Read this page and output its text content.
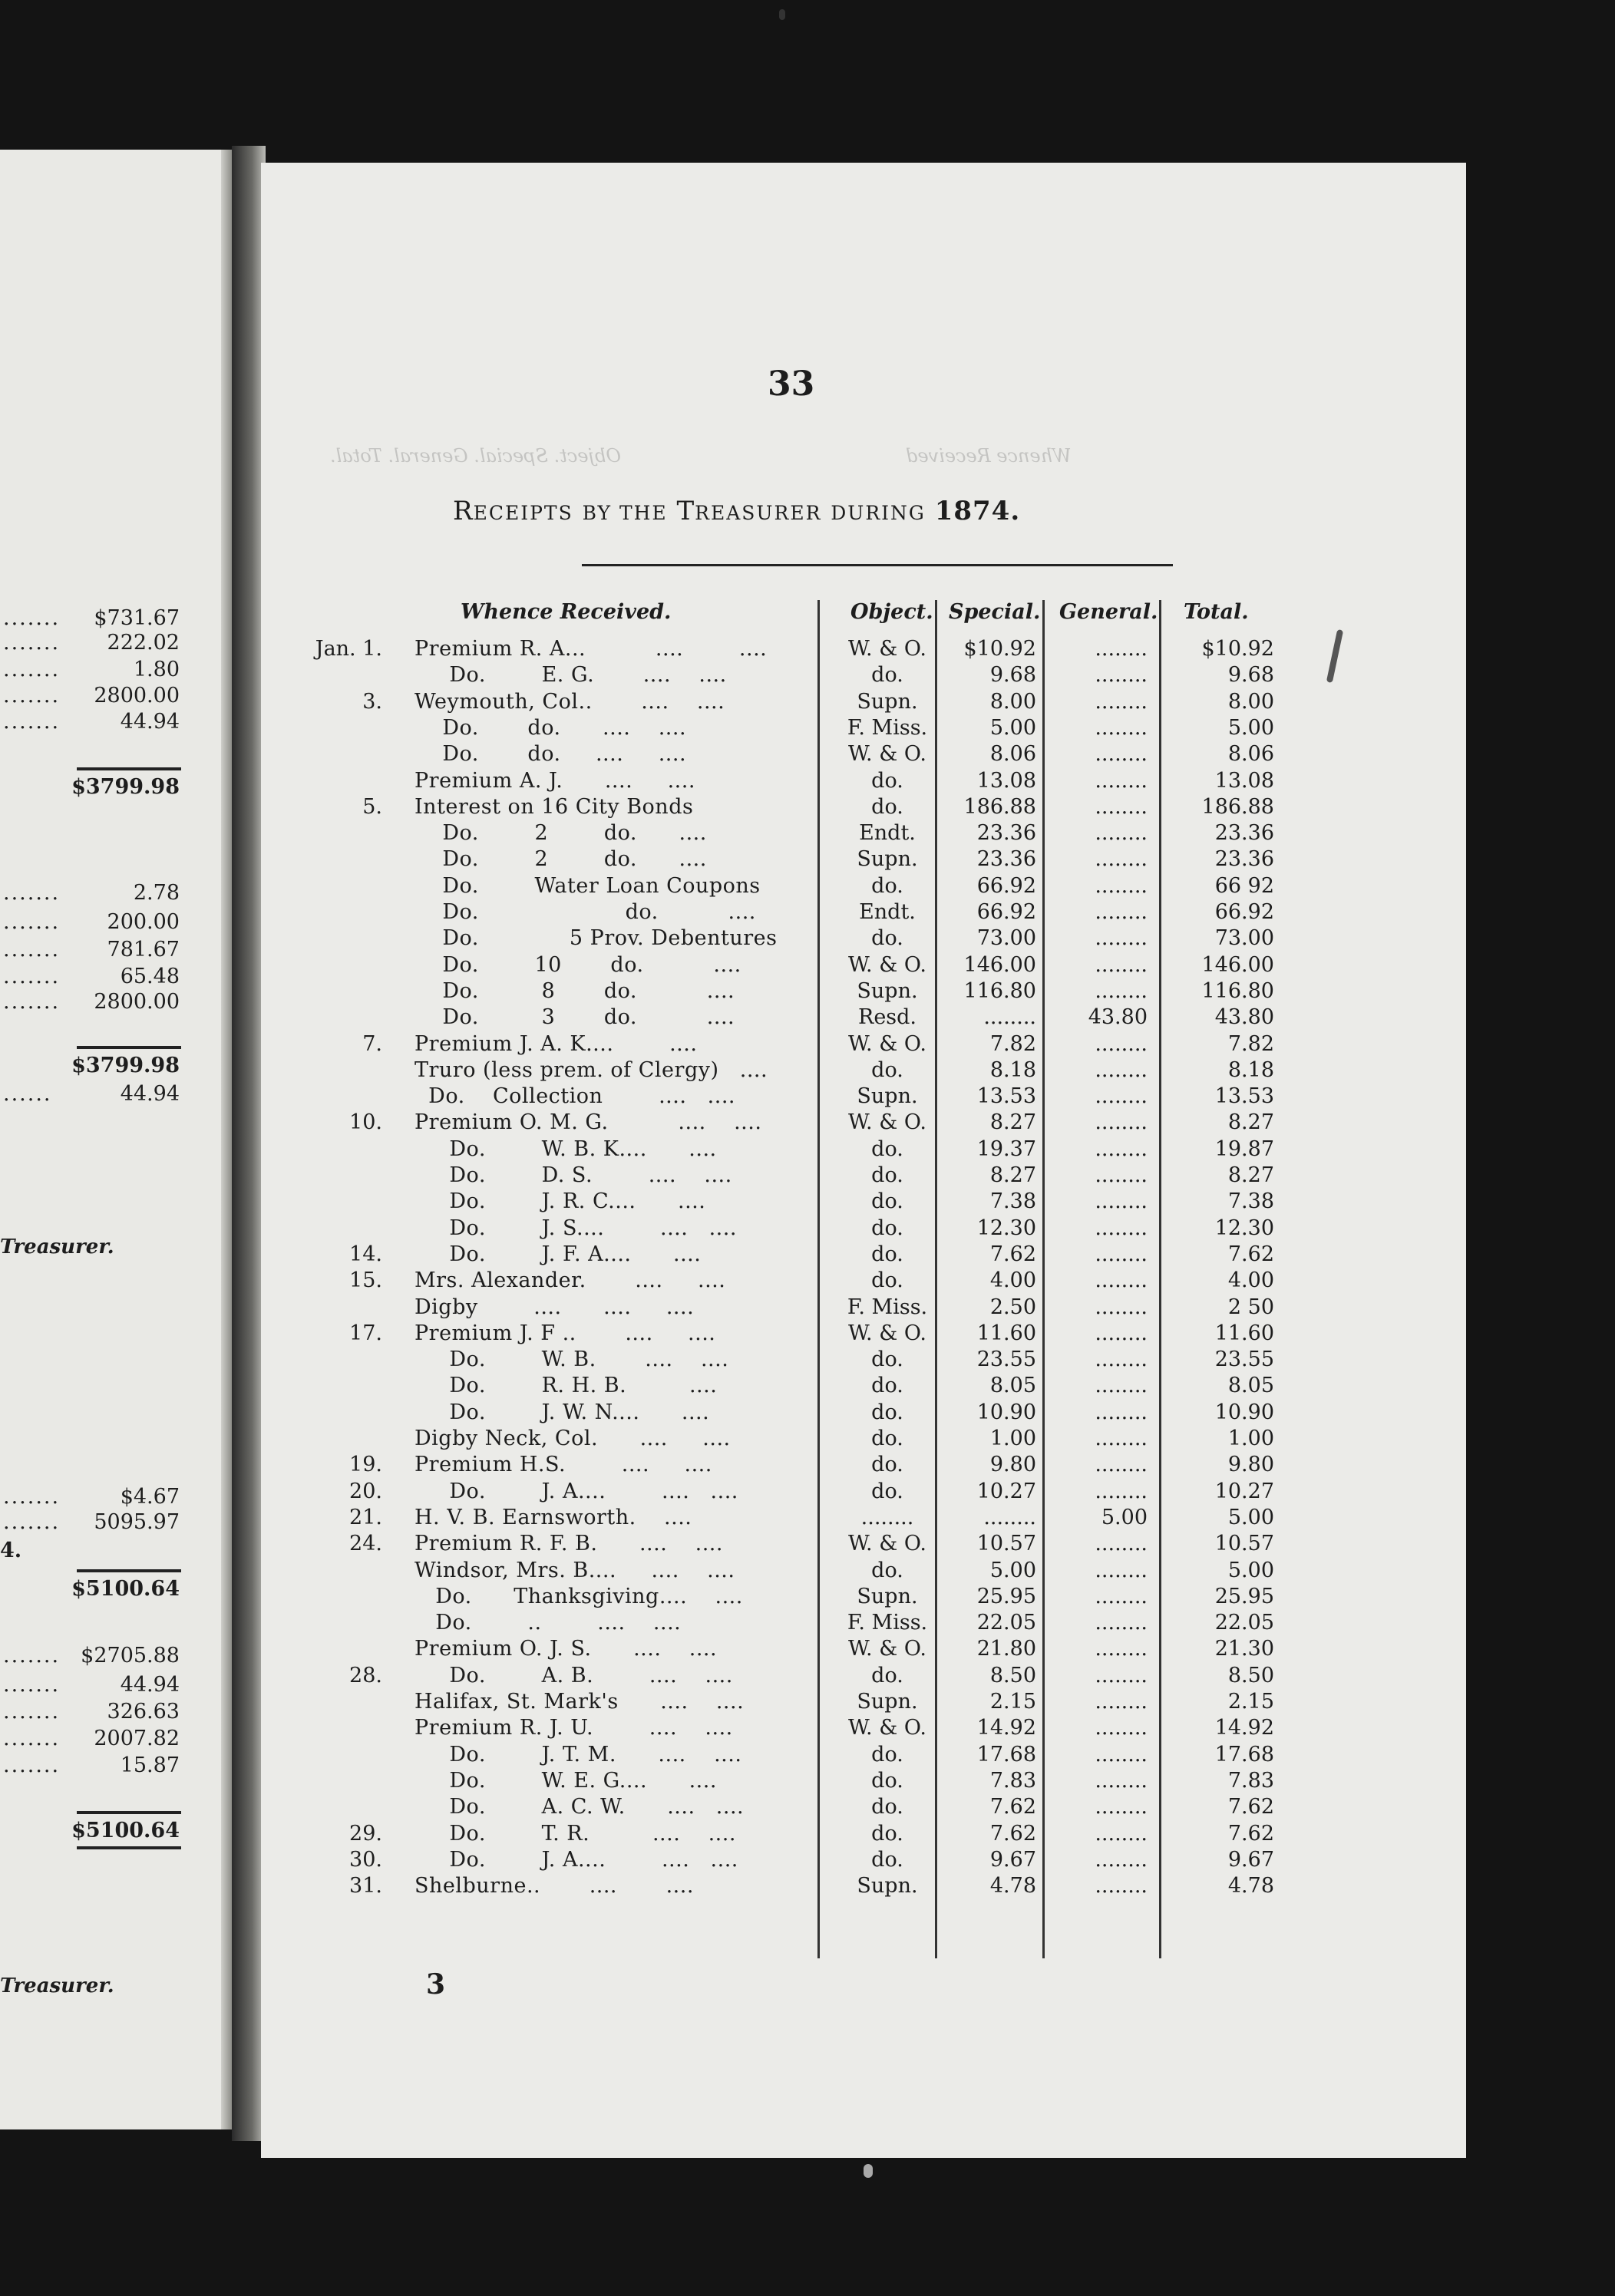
....... $731.67
....... 222.02
.......	1.80
....... 2800.00
.......	44.94
$3799.98
.......	2.78
....... 200.00
....... 781.67
.......	65.48
....... 2800.00
$3799.98
......	44.94
.......	$4.67
....... 5095.97
$5100.64
....... $2705.88
.......	44.94
....... 326.63
....... 2007.82
.......	15.87
$5100.64
Treasurer.
4.
Treasurer.
Whence Received
Object. Special. General. Total.
33
RECEIPTS BY THE TREASURER DURING 1874.
Whence Received.	Object. Special. General. Total.
Jan. 1. Premium R. A...          ....        ....	W. & O.	$10.92	........	$10.92
Do.        E. G.       ....    ....	do.	9.68	........	9.68
3. Weymouth, Col..       ....    ....	Supn.	8.00	........	8.00
Do.       do.      ....    ....	F. Miss.	5.00	........	5.00
Do.       do.     ....     ....	W. & O.	8.06	........	8.06
Premium A. J.      ....     ....	do.	13.08	........	13.08
5. Interest on 16 City Bonds	do.	186.88	........	186.88
Do.        2        do.      ....	Endt.	23.36	........	23.36
Do.        2        do.      ....	Supn.	23.36	........	23.36
Do.        Water Loan Coupons	do.	66.92	........	66 92
Do.                     do.          ....	Endt.	66.92	........	66.92
Do.             5 Prov. Debentures	do.	73.00	........	73.00
Do.        10       do.          ....	W. & O.	146.00	........	146.00
Do.         8       do.          ....	Supn.	116.80	........	116.80
Do.         3       do.          ....	Resd.	........	43.80	43.80
7. Premium J. A. K....        ....	W. & O.	7.82	........	7.82
Truro (less prem. of Clergy)   ....	do.	8.18	........	8.18
Do.    Collection        ....   ....	Supn.	13.53	........	13.53
10. Premium O. M. G.          ....    ....	W. & O.	8.27	........	8.27
Do.        W. B. K....      ....	do.	19.37	........	19.87
Do.        D. S.        ....    ....	do.	8.27	........	8.27
Do.        J. R. C....      ....	do.	7.38	........	7.38
Do.        J. S....        ....   ....	do.	12.30	........	12.30
14. Do.        J. F. A....      ....	do.	7.62	........	7.62
15. Mrs. Alexander.       ....     ....	do.	4.00	........	4.00
Digby        ....      ....     ....	F. Miss.	2.50	........	2 50
17. Premium J. F ..       ....     ....	W. & O.	11.60	........	11.60
Do.        W. B.       ....    ....	do.	23.55	........	23.55
Do.        R. H. B.         ....	do.	8.05	........	8.05
Do.        J. W. N....      ....	do.	10.90	........	10.90
Digby Neck, Col.      ....     ....	do.	1.00	........	1.00
19. Premium H.S.        ....     ....	do.	9.80	........	9.80
20. Do.        J. A....        ....   ....	do.	10.27	........	10.27
21. H. V. B. Earnsworth.    ....	........	........	5.00	5.00
24. Premium R. F. B.      ....    ....	W. & O.	10.57	........	10.57
Windsor, Mrs. B....     ....    ....	do.	5.00	........	5.00
Do.      Thanksgiving....    ....	Supn.	25.95	........	25.95
Do.        ..        ....    ....	F. Miss.	22.05	........	22.05
Premium O. J. S.      ....    ....	W. & O.	21.80	........	21.30
28. Do.        A. B.        ....    ....	do.	8.50	........	8.50
Halifax, St. Mark's      ....    ....	Supn.	2.15	........	2.15
Premium R. J. U.        ....    ....	W. & O.	14.92	........	14.92
Do.        J. T. M.      ....    ....	do.	17.68	........	17.68
Do.        W. E. G....      ....	do.	7.83	........	7.83
Do.        A. C. W.      ....   ....	do.	7.62	........	7.62
29. Do.        T. R.         ....    ....	do.	7.62	........	7.62
30. Do.        J. A....        ....   ....	do.	9.67	........	9.67
31. Shelburne..       ....       ....	Supn.	4.78	........	4.78
3
